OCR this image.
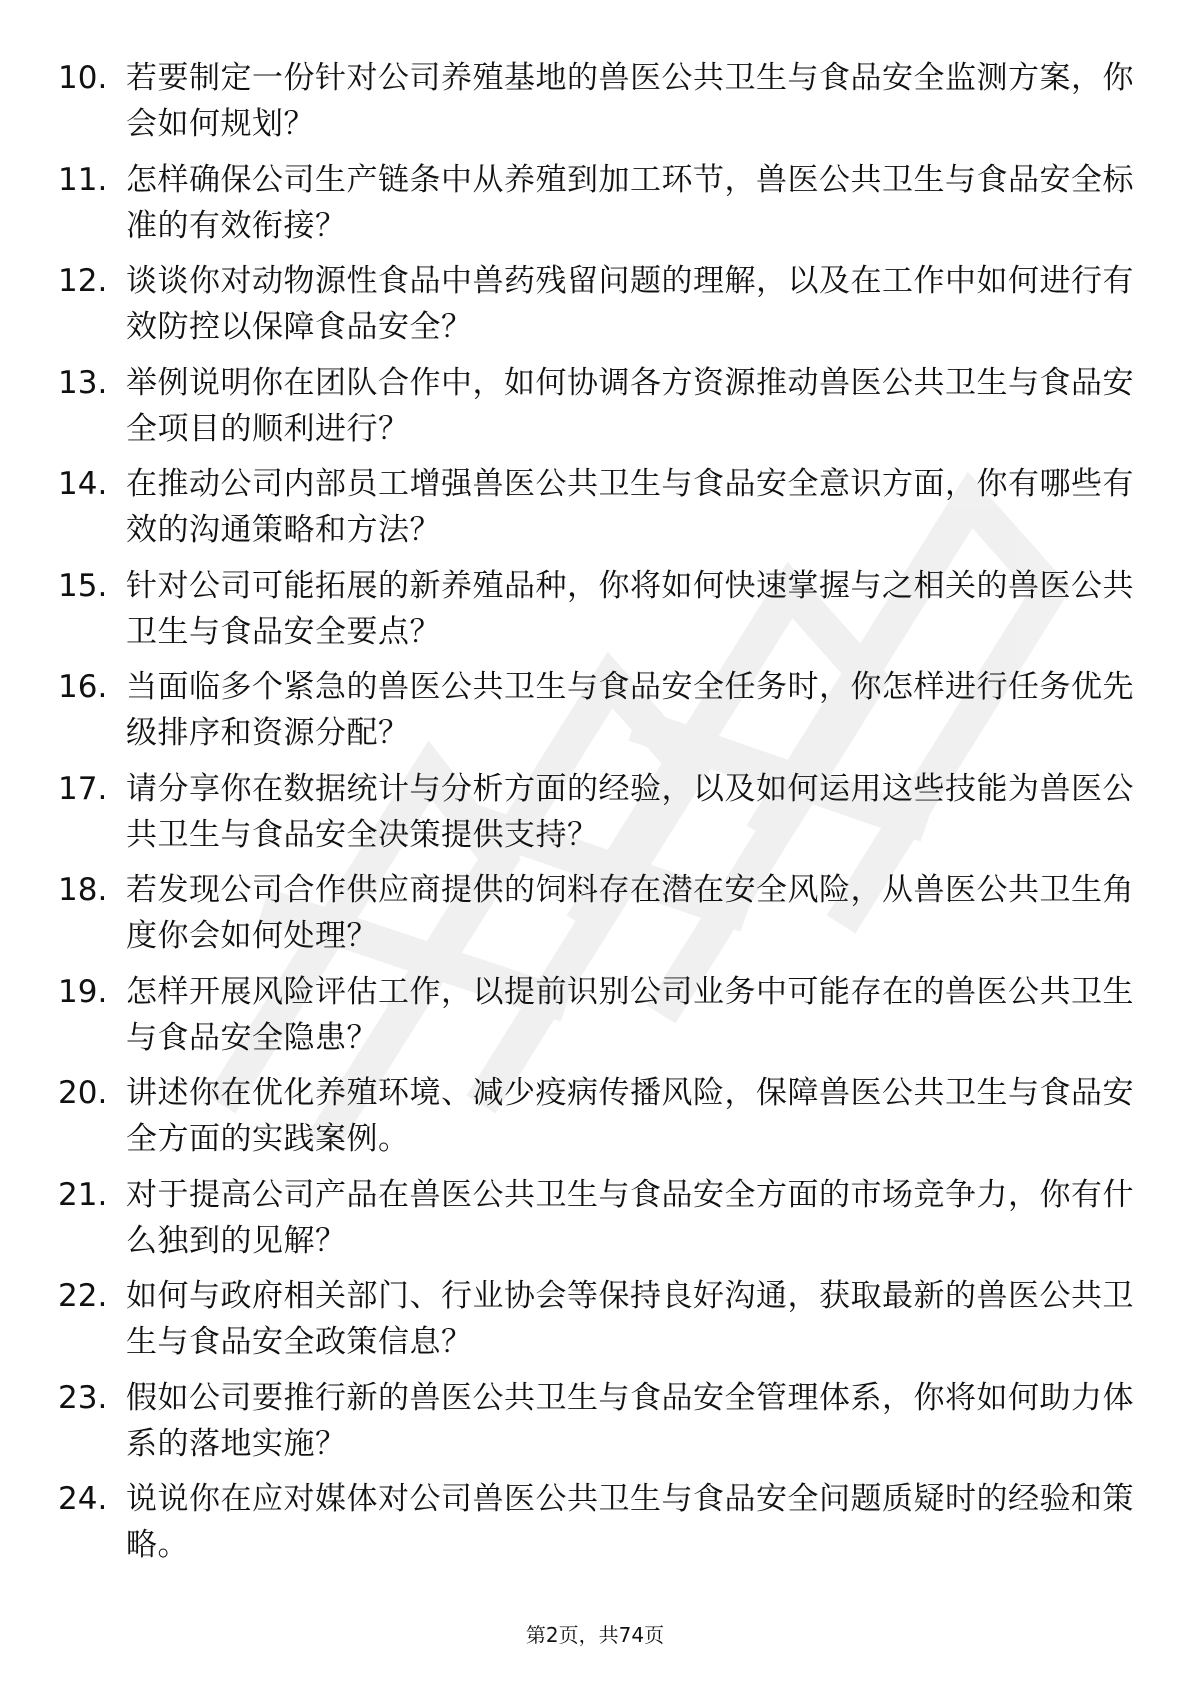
10. 若要制定一份针对公司养殖基地的兽医公共卫生与食品安全监测方案，你会如何规划？
11. 怎样确保公司生产链条中从养殖到加工环节，兽医公共卫生与食品安全标准的有效衔接？
12. 谈谈你对动物源性食品中兽药残留问题的理解，以及在工作中如何进行有效防控以保障食品安全？
13. 举例说明你在团队合作中，如何协调各方资源推动兽医公共卫生与食品安全项目的顺利进行？
14. 在推动公司内部员工增强兽医公共卫生与食品安全意识方面，你有哪些有效的沟通策略和方法？
15. 针对公司可能拓展的新养殖品种，你将如何快速掌握与之相关的兽医公共卫生与食品安全要点？
16. 当面临多个紧急的兽医公共卫生与食品安全任务时，你怎样进行任务优先级排序和资源分配？
17. 请分享你在数据统计与分析方面的经验，以及如何运用这些技能为兽医公共卫生与食品安全决策提供支持？
18. 若发现公司合作供应商提供的饲料存在潜在安全风险，从兽医公共卫生角度你会如何处理？
19. 怎样开展风险评估工作，以提前识别公司业务中可能存在的兽医公共卫生与食品安全隐患？
20. 讲述你在优化养殖环境、减少疫病传播风险，保障兽医公共卫生与食品安全方面的实践案例。
21. 对于提高公司产品在兽医公共卫生与食品安全方面的市场竞争力，你有什么独到的见解？
22. 如何与政府相关部门、行业协会等保持良好沟通，获取最新的兽医公共卫生与食品安全政策信息？
23. 假如公司要推行新的兽医公共卫生与食品安全管理体系，你将如何助力体系的落地实施？
24. 说说你在应对媒体对公司兽医公共卫生与食品安全问题质疑时的经验和策略。
第2页，共74页
